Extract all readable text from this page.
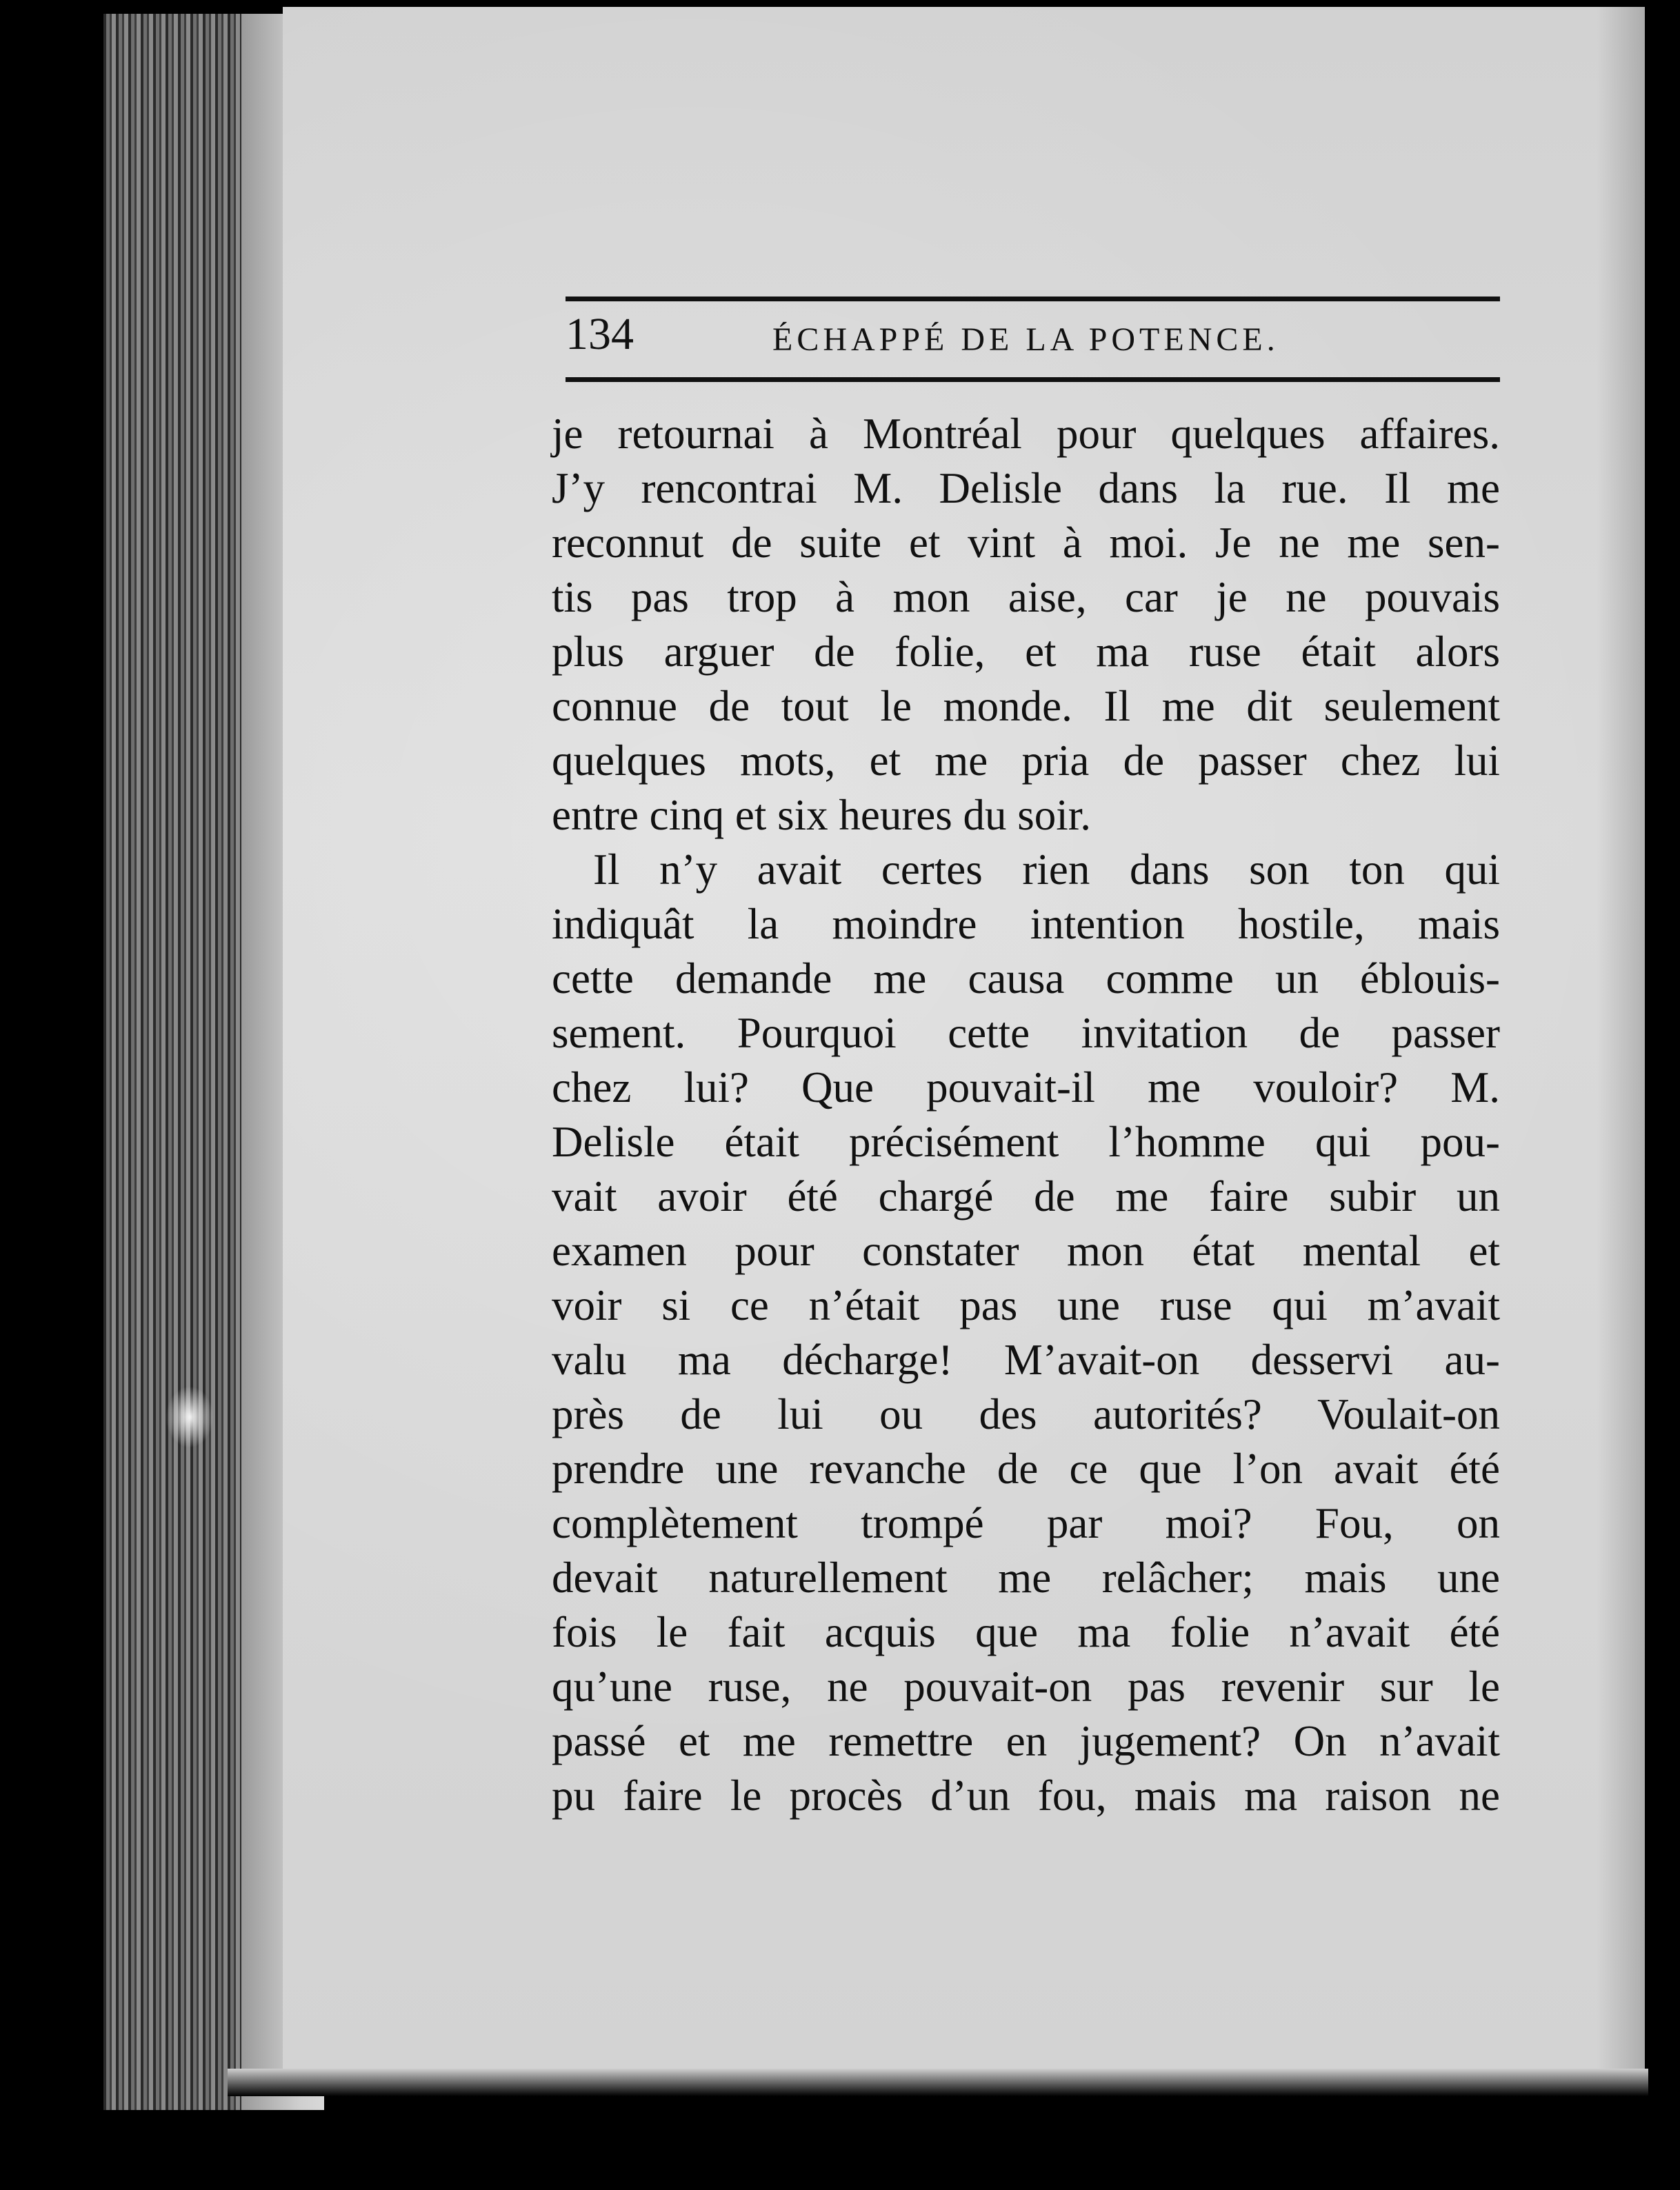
134	ÉCHAPPÉ DE LA POTENCE.
je retournai à Montréal pour quelques affaires.
J’y rencontrai M. Delisle dans la rue. Il me
reconnut de suite et vint à moi. Je ne me sen-
tis pas trop à mon aise, car je ne pouvais
plus arguer de folie, et ma ruse était alors
connue de tout le monde. Il me dit seulement
quelques mots, et me pria de passer chez lui
entre cinq et six heures du soir.
Il n’y avait certes rien dans son ton qui
indiquât la moindre intention hostile, mais
cette demande me causa comme un éblouis-
sement. Pourquoi cette invitation de passer
chez lui? Que pouvait-il me vouloir? M.
Delisle était précisément l’homme qui pou-
vait avoir été chargé de me faire subir un
examen pour constater mon état mental et
voir si ce n’était pas une ruse qui m’avait
valu ma décharge! M’avait-on desservi au-
près de lui ou des autorités? Voulait-on
prendre une revanche de ce que l’on avait été
complètement trompé par moi? Fou, on
devait naturellement me relâcher; mais une
fois le fait acquis que ma folie n’avait été
qu’une ruse, ne pouvait-on pas revenir sur le
passé et me remettre en jugement? On n’avait
pu faire le procès d’un fou, mais ma raison ne
